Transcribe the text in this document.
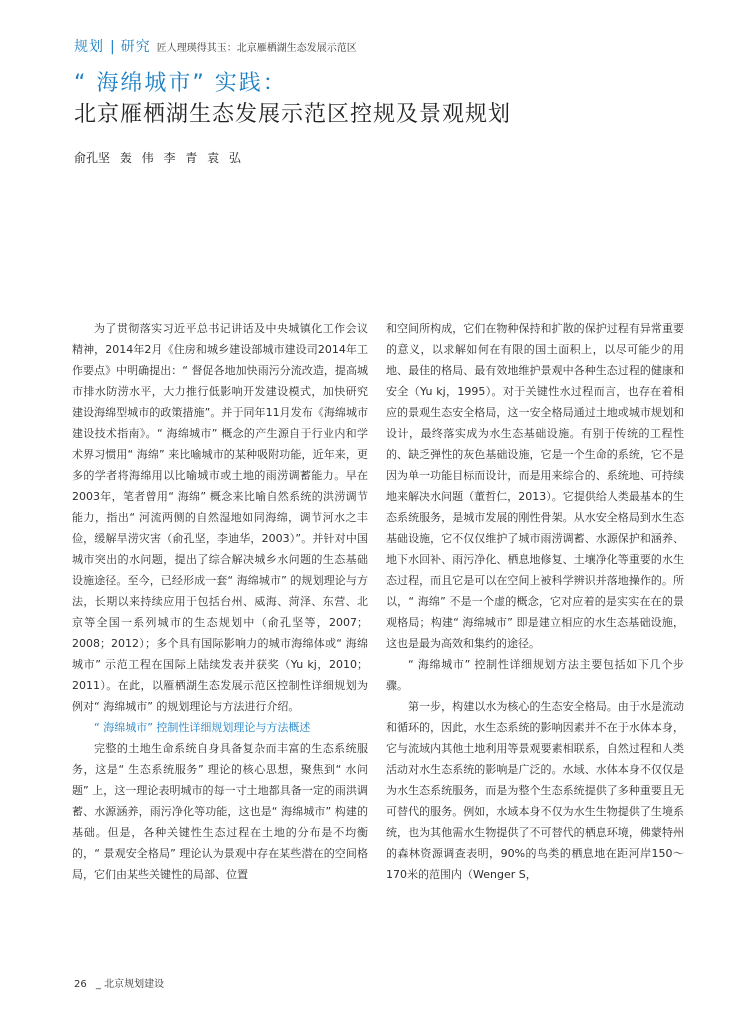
规划 | 研究 匠人理瑛得其玉：北京雁栖湖生态发展示范区
“ 海绵城市” 实践：
北京雁栖湖生态发展示范区控规及景观规划
俞孔坚 轰 伟 李 青 袁 弘

为了贯彻落实习近平总书记讲话及中央城镇化工作会议精神，2014年2月《住房和城乡建设部城市建设司2014年工作要点》中明确提出：“ 督促各地加快雨污分流改造，提高城市排水防涝水平，大力推行低影响开发建设模式，加快研究建设海绵型城市的政策措施”。并于同年11月发布《海绵城市建设技术指南》。“ 海绵城市” 概念的产生源自于行业内和学术界习惯用“ 海绵” 来比喻城市的某种吸附功能，近年来，更多的学者将海绵用以比喻城市或土地的雨涝调蓄能力。早在2003年，笔者曾用“ 海绵” 概念来比喻自然系统的洪涝调节能力，指出“ 河流两侧的自然湿地如同海绵，调节河水之丰俭，缓解旱涝灾害（俞孔坚，李迪华，2003）”。并针对中国城市突出的水问题，提出了综合解决城乡水问题的生态基础设施途径。至今，已经形成一套“ 海绵城市” 的规划理论与方法，长期以来持续应用于包括台州、威海、菏泽、东营、北京等全国一系列城市的生态规划中（俞孔坚等，2007；2008；2012）；多个具有国际影响力的城市海绵体或“ 海绵城市” 示范工程在国际上陆续发表并获奖（Yu kj，2010；2011）。在此，以雁栖湖生态发展示范区控制性详细规划为例对“ 海绵城市” 的规划理论与方法进行介绍。

“ 海绵城市” 控制性详细规划理论与方法概述

完整的土地生命系统自身具备复杂而丰富的生态系统服务，这是“ 生态系统服务” 理论的核心思想，聚焦到“ 水问题” 上，这一理论表明城市的每一寸土地都具备一定的雨洪调蓄、水源涵养，雨污净化等功能，这也是“ 海绵城市” 构建的基础。但是，各种关键性生态过程在土地的分布是不均衡的，“ 景观安全格局” 理论认为景观中存在某些潜在的空间格局，它们由某些关键性的局部、位置

和空间所构成，它们在物种保持和扩散的保护过程有异常重要的意义，以求解如何在有限的国土面积上，以尽可能少的用地、最佳的格局、最有效地维护景观中各种生态过程的健康和安全（Yu kj，1995）。对于关键性水过程而言，也存在着相应的景观生态安全格局，这一安全格局通过土地或城市规划和设计，最终落实成为水生态基础设施。有别于传统的工程性的、缺乏弹性的灰色基础设施，它是一个生命的系统，它不是因为单一功能目标而设计，而是用来综合的、系统地、可持续地来解决水问题（董哲仁，2013）。它提供给人类最基本的生态系统服务，是城市发展的刚性骨架。从水安全格局到水生态基础设施，它不仅仅维护了城市雨涝调蓄、水源保护和涵养、地下水回补、雨污净化、栖息地修复、土壤净化等重要的水生态过程，而且它是可以在空间上被科学辨识并落地操作的。所以，“ 海绵” 不是一个虚的概念，它对应着的是实实在在的景观格局；构建“ 海绵城市” 即是建立相应的水生态基础设施，这也是最为高效和集约的途径。

“ 海绵城市” 控制性详细规划方法主要包括如下几个步骤。

第一步，构建以水为核心的生态安全格局。由于水是流动和循环的，因此，水生态系统的影响因素并不在于水体本身，它与流域内其他土地利用等景观要素相联系，自然过程和人类活动对水生态系统的影响是广泛的。水域、水体本身不仅仅是为水生态系统服务，而是为整个生态系统提供了多种重要且无可替代的服务。例如，水域本身不仅为水生生物提供了生境系统，也为其他需水生物提供了不可替代的栖息环境，佛蒙特州的森林资源调查表明，90%的鸟类的栖息地在距河岸150～170米的范围内（Wenger S，

26 _ 北京规划建设
